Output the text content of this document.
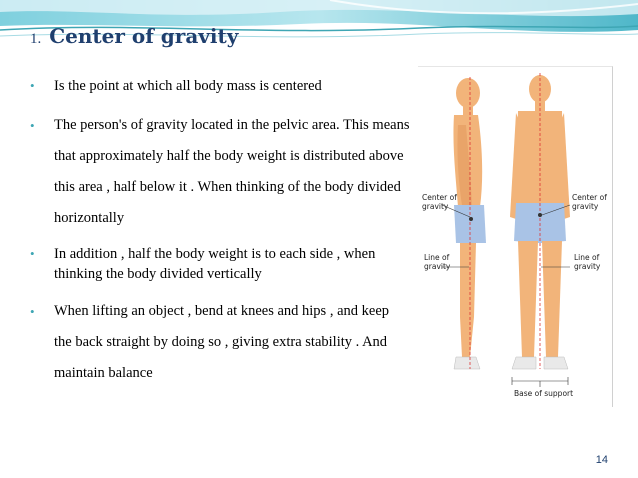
1. Center of gravity
• Is the point at which all body mass is centered
• The person's of gravity located in the pelvic area. This means that approximately half the body weight is distributed above this area , half below it . When thinking of the body divided horizontally
• In addition , half the body weight is to each side , when thinking the body divided vertically
• When lifting an object , bend at knees and hips , and keep the back straight by doing so , giving extra stability . And maintain balance
Center of
gravity
Line of
gravity
Center of
gravity
Line of
gravity
Base of support
14
